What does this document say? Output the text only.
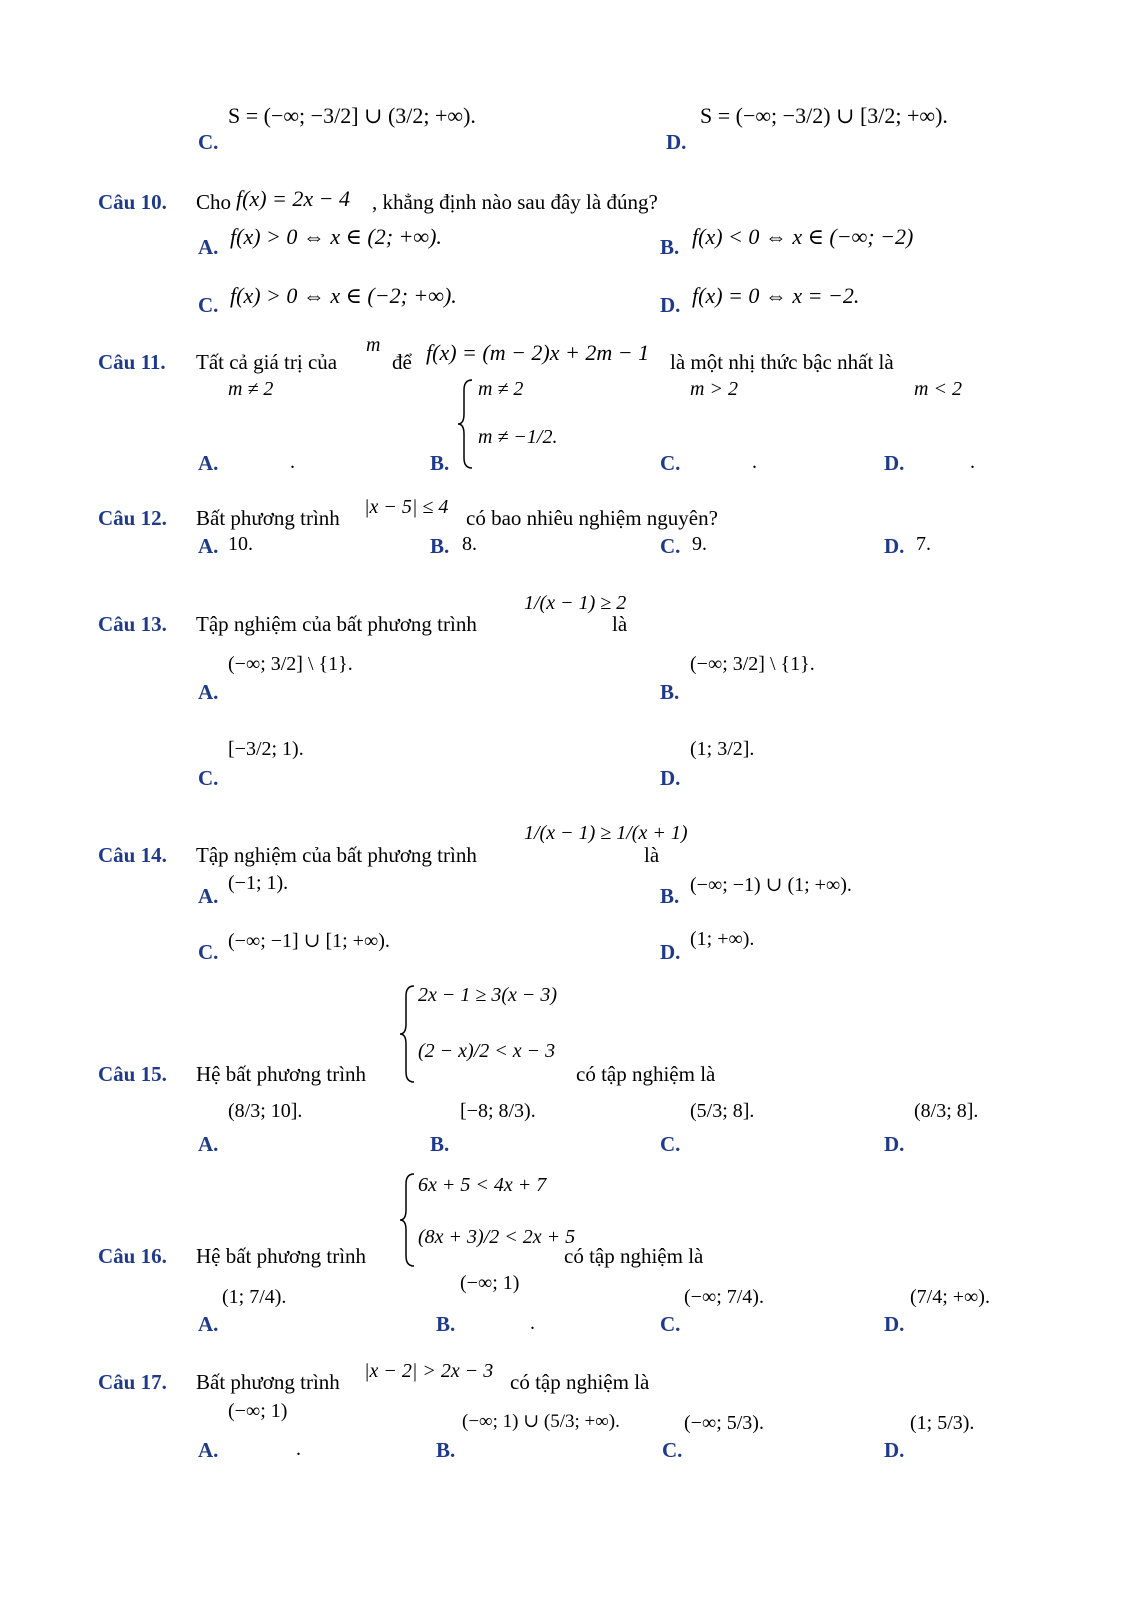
C.
S = (−∞; −3/2] ∪ (3/2; +∞).
D.
S = (−∞; −3/2) ∪ [3/2; +∞).
Câu 10. Cho f(x) = 2x − 4 , khẳng định nào sau đây là đúng?
A. f(x) > 0 ⇔ x ∈ (2; +∞).	B. f(x) < 0 ⇔ x ∈ (−∞; −2)
C. f(x) > 0 ⇔ x ∈ (−2; +∞).	D. f(x) = 0 ⇔ x = −2.
Câu 11. Tất cả giá trị của
m
để f(x) = (m − 2)x + 2m − 1 là một nhị thức bậc nhất là
m ≠ 2
A.	.	B.
m ≠ 2
m ≠ −1/2.
m > 2
C.	.
m < 2
D.	.
Câu 12. Bất phương trình |x − 5| ≤ 4 có bao nhiêu nghiệm nguyên?
A. 10.	B. 8.	C. 9.	D. 7.
Câu 13. Tập nghiệm của bất phương trình
1/(x − 1) ≥ 2
là
A.
(−∞; 3/2] \ {1}.
B.
(−∞; 3/2] \ {1}.
C.
[−3/2; 1).
D.
(1; 3/2].
Câu 14. Tập nghiệm của bất phương trình
1/(x − 1) ≥ 1/(x + 1)
là
A.
(−1; 1).
B. (−∞; −1) ∪ (1; +∞).
C. (−∞; −1] ∪ [1; +∞).	D.
(1; +∞).
Câu 15. Hệ bất phương trình
2x − 1 ≥ 3(x − 3)
(2 − x)/2 < x − 3
có tập nghiệm là
A.
(8/3; 10].
B.
[−8; 8/3).
C.
(5/3; 8].
D.
(8/3; 8].
Câu 16. Hệ bất phương trình
6x + 5 < 4x + 7
(8x + 3)/2 < 2x + 5
có tập nghiệm là
A.
(1; 7/4).
(−∞; 1)
B.	.	C.
(−∞; 7/4).
D.
(7/4; +∞).
Câu 17. Bất phương trình |x − 2| > 2x − 3 có tập nghiệm là
(−∞; 1)
A.	.	B.
(−∞; 1) ∪ (5/3; +∞).
C.
(−∞; 5/3).
D.
(1; 5/3).
